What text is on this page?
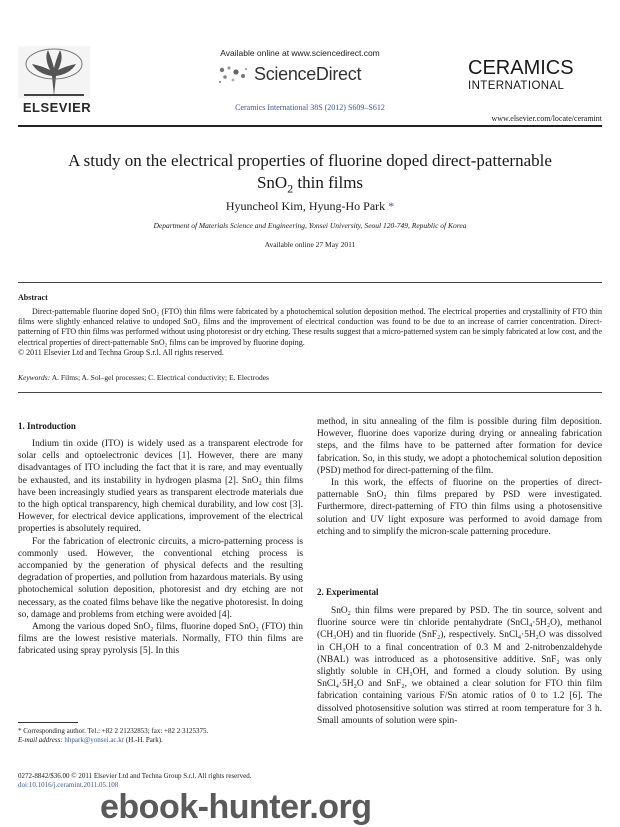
ELSEVIER
Available online at www.sciencedirect.com
ScienceDirect
Ceramics International 38S (2012) S609–S612
CERAMICS
INTERNATIONAL
www.elsevier.com/locate/ceramint
A study on the electrical properties of fluorine doped direct-patternable
SnO$_2$ thin films
Hyuncheol Kim, Hyung-Ho Park *
Department of Materials Science and Engineering, Yonsei University, Seoul 120-749, Republic of Korea
Available online 27 May 2011
Abstract

Direct-patternable fluorine doped SnO₂ (FTO) thin films were fabricated by a photochemical solution deposition method. The electrical properties and crystallinity of FTO thin films were slightly enhanced relative to undoped SnO₂ films and the improvement of electrical conduction was found to be due to an increase of carrier concentration. Direct-patterning of FTO thin films was performed without using photoresist or dry etching. These results suggest that a micro-patterned system can be simply fabricated at low cost, and the electrical properties of direct-patternable SnO₂ films can be improved by fluorine doping.

© 2011 Elsevier Ltd and Techna Group S.r.l. All rights reserved.
Keywords: A. Films; A. Sol–gel processes; C. Electrical conductivity; E. Electrodes
1. Introduction

Indium tin oxide (ITO) is widely used as a transparent electrode for solar cells and optoelectronic devices [1]. However, there are many disadvantages of ITO including the fact that it is rare, and may eventually be exhausted, and its instability in hydrogen plasma [2]. SnO₂ thin films have been increasingly studied years as transparent electrode materials due to the high optical transparency, high chemical durability, and low cost [3]. However, for electrical device applications, improvement of the electrical properties is absolutely required.

For the fabrication of electronic circuits, a micro-patterning process is commonly used. However, the conventional etching process is accompanied by the generation of physical defects and the resulting degradation of properties, and pollution from hazardous materials. By using photochemical solution deposition, photoresist and dry etching are not necessary, as the coated films behave like the negative photoresist. In doing so, damage and problems from etching were avoided [4].

Among the various doped SnO₂ films, fluorine doped SnO₂ (FTO) thin films are the lowest resistive materials. Normally, FTO thin films are fabricated using spray pyrolysis [5]. In this

method, in situ annealing of the film is possible during film deposition. However, fluorine does vaporize during drying or annealing fabrication steps, and the films have to be patterned after formation for device fabrication. So, in this study, we adopt a photochemical solution deposition (PSD) method for direct-patterning of the film.

In this work, the effects of fluorine on the properties of direct-patternable SnO₂ thin films prepared by PSD were investigated. Furthermore, direct-patterning of FTO thin films using a photosensitive solution and UV light exposure was performed to avoid damage from etching and to simplify the micron-scale patterning procedure.

2. Experimental

SnO₂ thin films were prepared by PSD. The tin source, solvent and fluorine source were tin chloride pentahydrate (SnCl₄·5H₂O), methanol (CH₃OH) and tin fluoride (SnF₂), respectively. SnCl₄·5H₂O was dissolved in CH₃OH to a final concentration of 0.3 M and 2-nitrobenzaldehyde (NBAL) was introduced as a photosensitive additive. SnF₂ was only slightly soluble in CH₃OH, and formed a cloudy solution. By using SnCl₄·5H₂O and SnF₂, we obtained a clear solution for FTO thin film fabrication containing various F/Sn atomic ratios of 0 to 1.2 [6]. The dissolved photosensitive solution was stirred at room temperature for 3 h. Small amounts of solution were spin-

* Corresponding author. Tel.: +82 2 21232853; fax: +82 2 3125375.
E-mail address: hhpark@yonsei.ac.kr (H.-H. Park).
0272-8842/$36.00 © 2011 Elsevier Ltd and Techna Group S.r.l. All rights reserved.
doi:10.1016/j.ceramint.2011.05.108
ebook-hunter.org
